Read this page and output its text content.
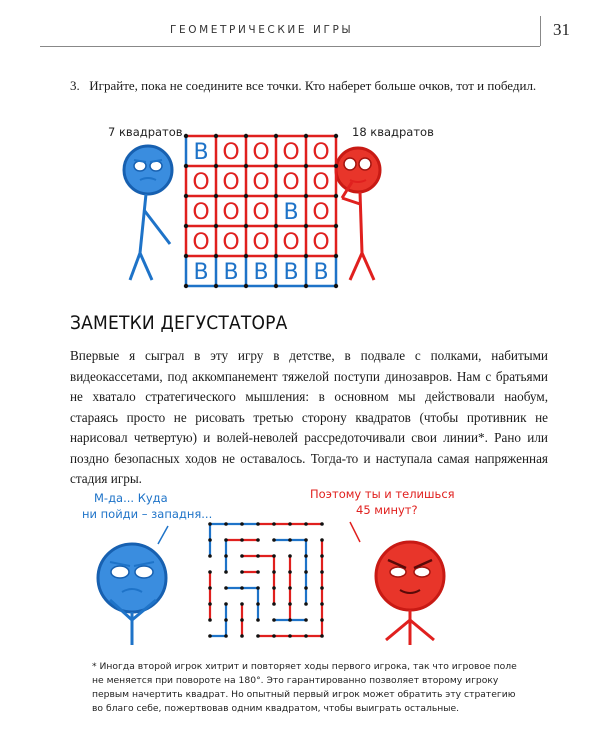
ГЕОМЕТРИЧЕСКИЕ ИГРЫ	31
3. Играйте, пока не соедините все точки. Кто наберет больше очков, тот и победил.
7 квадратов	18 квадратов
В O O O O
O O O O O
O O O В O
O O O O O
В В В В В
ЗАМЕТКИ ДЕГУСТАТОРА

Впервые я сыграл в эту игру в детстве, в подвале с полками, набитыми видеокассетами, под аккомпанемент тяжелой поступи динозавров. Нам с братьями не хватало стратегического мышления: в основном мы действовали наобум, стараясь просто не рисовать третью сторону квадратов (чтобы противник не нарисовал четвертую) и волей-неволей рассредоточивали свои линии*. Рано или поздно безопасных ходов не оставалось. Тогда-то и наступала самая напряженная стадия игры.

М-да... Куда
ни пойди – западня...
Поэтому ты и телишься
45 минут?
* Иногда второй игрок хитрит и повторяет ходы первого игрока, так что игровое поле не меняется при повороте на 180°. Это гарантированно позволяет второму игроку первым начертить квадрат. Но опытный первый игрок может обратить эту стратегию во благо себе, пожертвовав одним квадратом, чтобы выиграть остальные.
